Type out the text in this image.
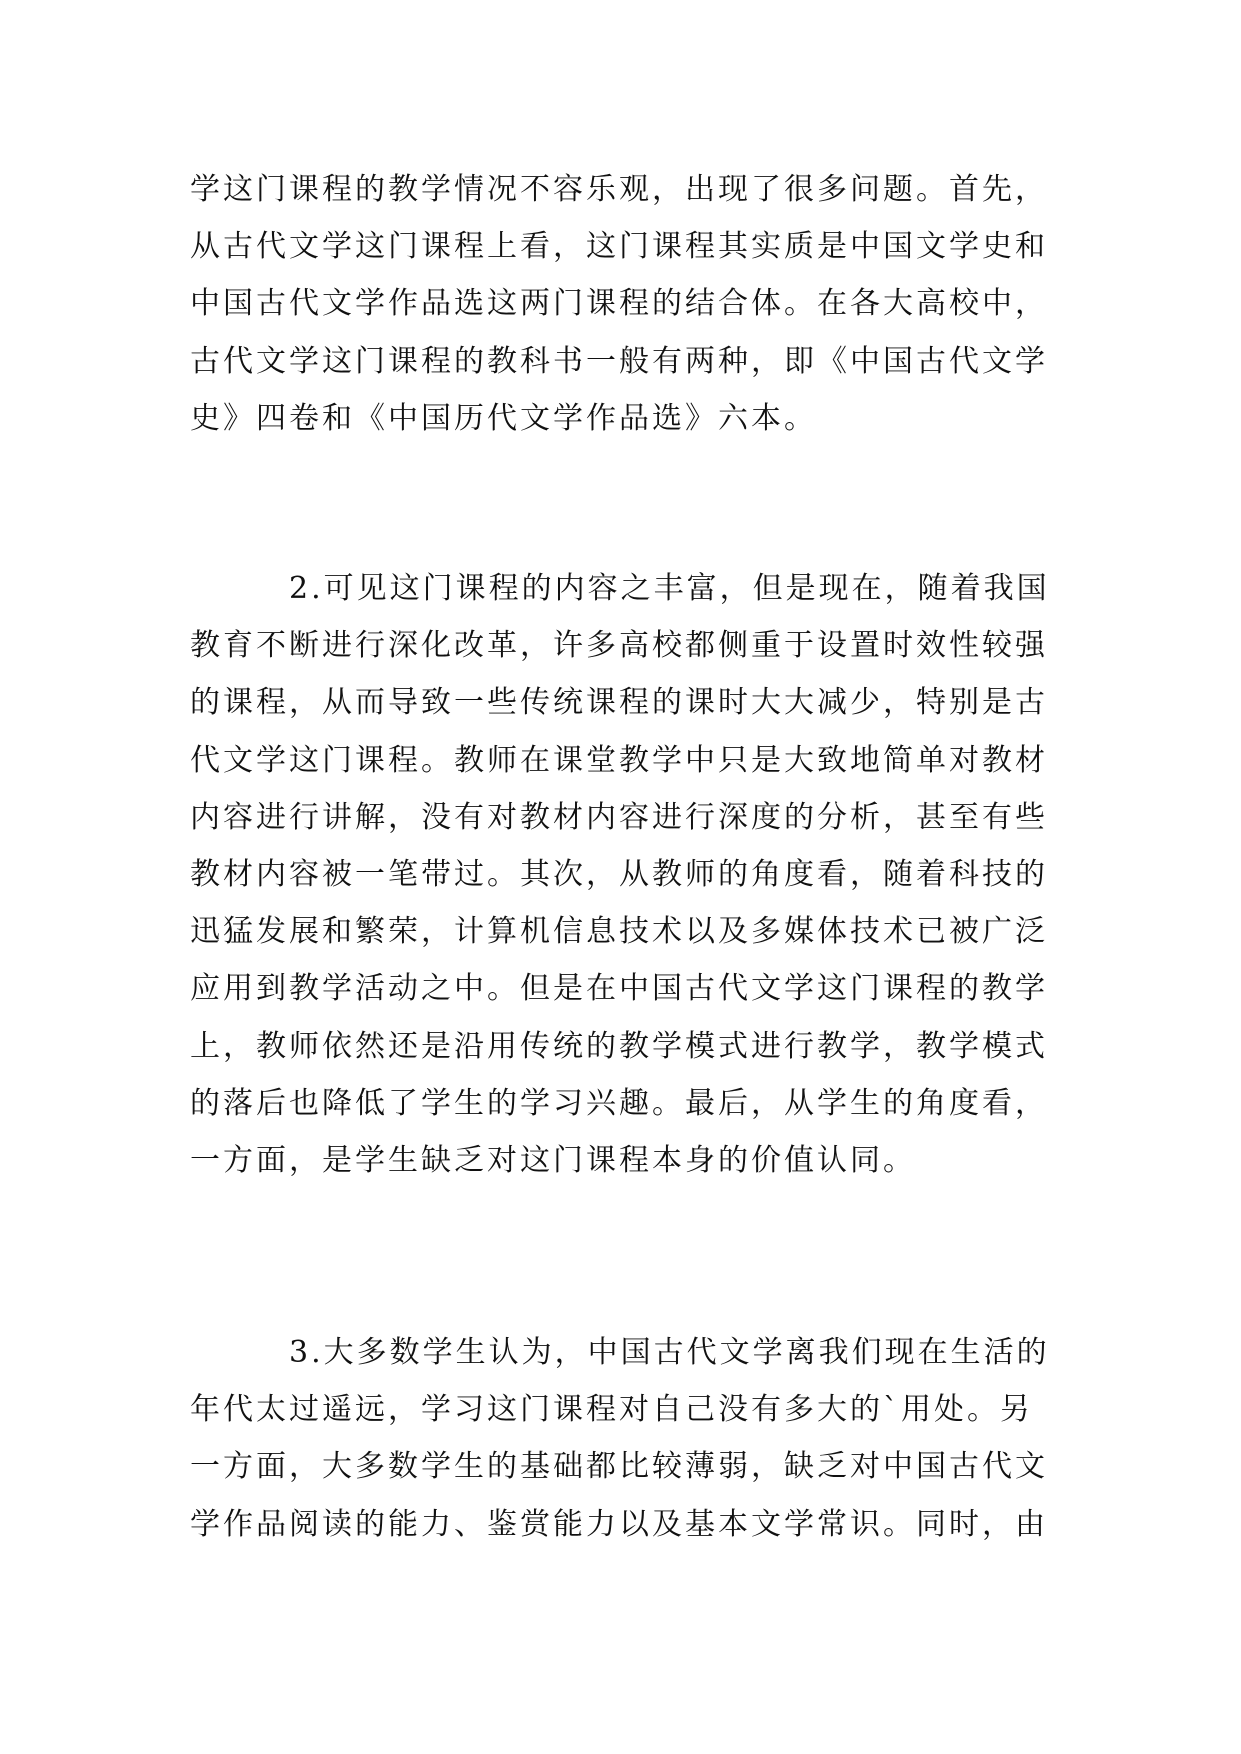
学这门课程的教学情况不容乐观，出现了很多问题。首先，
从古代文学这门课程上看，这门课程其实质是中国文学史和
中国古代文学作品选这两门课程的结合体。在各大高校中，
古代文学这门课程的教科书一般有两种，即《中国古代文学
史》四卷和《中国历代文学作品选》六本。
　　　2.可见这门课程的内容之丰富，但是现在，随着我国
教育不断进行深化改革，许多高校都侧重于设置时效性较强
的课程，从而导致一些传统课程的课时大大减少，特别是古
代文学这门课程。教师在课堂教学中只是大致地简单对教材
内容进行讲解，没有对教材内容进行深度的分析，甚至有些
教材内容被一笔带过。其次，从教师的角度看，随着科技的
迅猛发展和繁荣，计算机信息技术以及多媒体技术已被广泛
应用到教学活动之中。但是在中国古代文学这门课程的教学
上，教师依然还是沿用传统的教学模式进行教学，教学模式
的落后也降低了学生的学习兴趣。最后，从学生的角度看，
一方面，是学生缺乏对这门课程本身的价值认同。
　　　3.大多数学生认为，中国古代文学离我们现在生活的
年代太过遥远，学习这门课程对自己没有多大的`用处。另
一方面，大多数学生的基础都比较薄弱，缺乏对中国古代文
学作品阅读的能力、鉴赏能力以及基本文学常识。同时，由
